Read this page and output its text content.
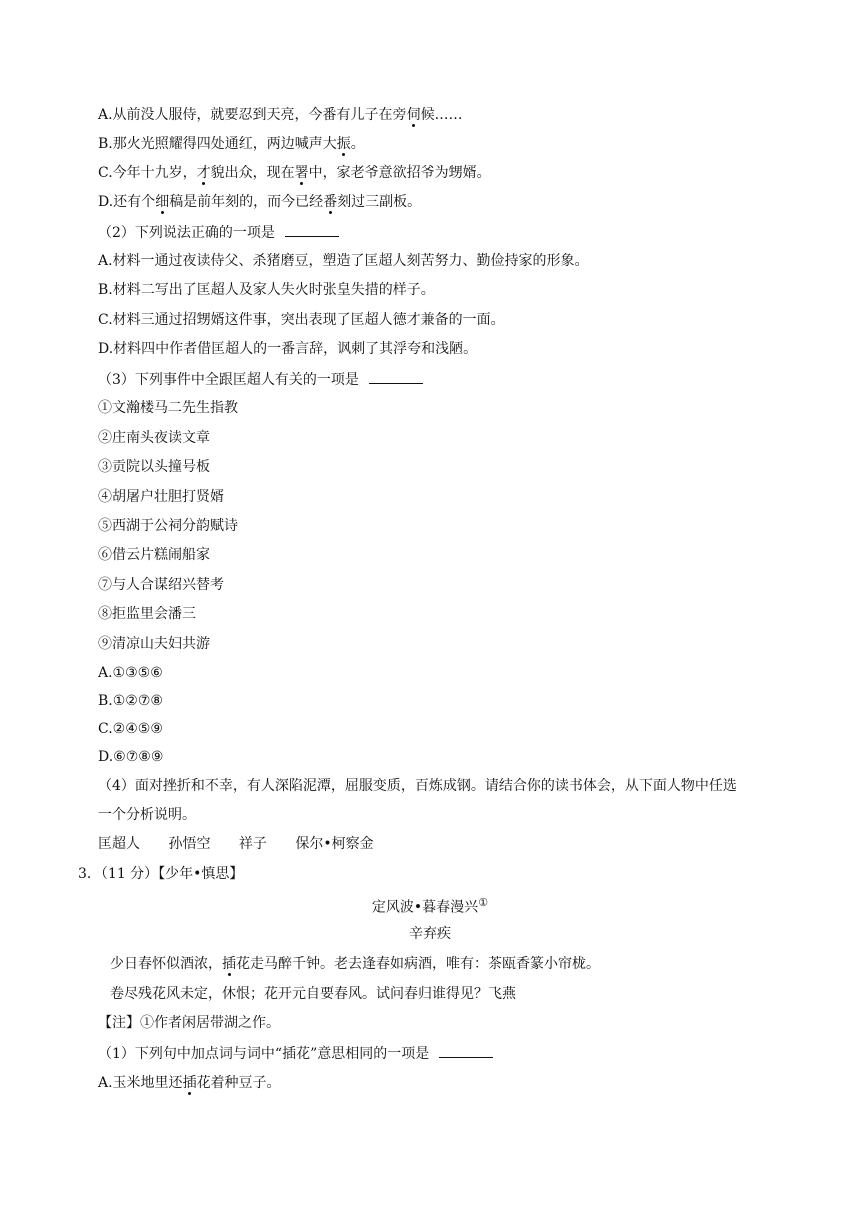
A.从前没人服侍，就要忍到天亮，今番有儿子在旁伺候……
B.那火光照耀得四处通红，两边喊声大振。
C.今年十九岁，才貌出众，现在署中，家老爷意欲招爷为甥婿。
D.还有个细稿是前年刻的，而今已经番刻过三副板。
（2）下列说法正确的一项是
A.材料一通过夜读侍父、杀猪磨豆，塑造了匡超人刻苦努力、勤俭持家的形象。
B.材料二写出了匡超人及家人失火时张皇失措的样子。
C.材料三通过招甥婿这件事，突出表现了匡超人德才兼备的一面。
D.材料四中作者借匡超人的一番言辞，讽刺了其浮夸和浅陋。
（3）下列事件中全跟匡超人有关的一项是
①文瀚楼马二先生指教
②庄南头夜读文章
③贡院以头撞号板
④胡屠户壮胆打贤婿
⑤西湖于公祠分韵赋诗
⑥借云片糕闹船家
⑦与人合谋绍兴替考
⑧拒监里会潘三
⑨清凉山夫妇共游
A.①③⑤⑥
B.①②⑦⑧
C.②④⑤⑨
D.⑥⑦⑧⑨
（4）面对挫折和不幸，有人深陷泥潭，屈服变质，百炼成钢。请结合你的读书体会，从下面人物中任选
一个分析说明。
匡超人 孙悟空 祥子 保尔•柯察金
3．（11 分）【少年•慎思】
定风波•暮春漫兴①
辛弃疾
少日春怀似酒浓，插花走马醉千钟。老去逢春如病酒，唯有：茶瓯香篆小帘栊。
卷尽残花风未定，休恨；花开元自要春风。试问春归谁得见？飞燕
【注】①作者闲居带湖之作。
（1）下列句中加点词与词中“插花”意思相同的一项是
A.玉米地里还插花着种豆子。
